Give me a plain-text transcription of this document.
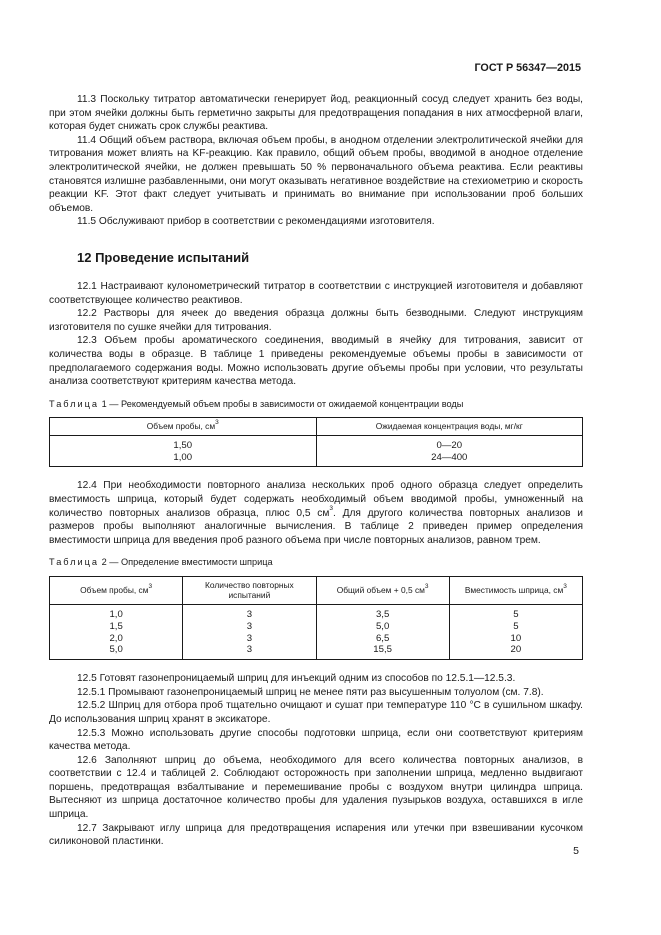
ГОСТ Р 56347—2015

11.3 Поскольку титратор автоматически генерирует йод, реакционный сосуд следует хранить без воды, при этом ячейки должны быть герметично закрыты для предотвращения попадания в них атмосферной влаги, которая будет снижать срок службы реактива.

11.4 Общий объем раствора, включая объем пробы, в анодном отделении электролитической ячейки для титрования может влиять на KF-реакцию. Как правило, общий объем пробы, вводимой в анодное отделение электролитической ячейки, не должен превышать 50 % первоначального объема реактива. Если реактивы становятся излишне разбавленными, они могут оказывать негативное воздействие на стехиометрию и скорость реакции KF. Этот факт следует учитывать и принимать во внимание при использовании проб больших объемов.

11.5 Обслуживают прибор в соответствии с рекомендациями изготовителя.

12 Проведение испытаний

12.1 Настраивают кулонометрический титратор в соответствии с инструкцией изготовителя и добавляют соответствующее количество реактивов.

12.2 Растворы для ячеек до введения образца должны быть безводными. Следуют инструкциям изготовителя по сушке ячейки для титрования.

12.3 Объем пробы ароматического соединения, вводимый в ячейку для титрования, зависит от количества воды в образце. В таблице 1 приведены рекомендуемые объемы пробы в зависимости от предполагаемого содержания воды. Можно использовать другие объемы пробы при условии, что результаты анализа соответствуют критериям качества метода.

Таблица 1 — Рекомендуемый объем пробы в зависимости от ожидаемой концентрации воды
Объем пробы, $см^3$	Ожидаемая концентрация воды, мг/кг
1,50	0—20
1,00	24—400

12.4 При необходимости повторного анализа нескольких проб одного образца следует определить вместимость шприца, который будет содержать необходимый объем вводимой пробы, умноженный на количество повторных анализов образца, плюс 0,5 $см^3$. Для другого количества повторных анализов и размеров пробы выполняют аналогичные вычисления. В таблице 2 приведен пример определения вместимости шприца для введения проб разного объема при числе повторных анализов, равном трем.

Таблица 2 — Определение вместимости шприца
Объем пробы, $см^3$	Количество повторных испытаний	Общий объем + 0,5 $см^3$	Вместимость шприца, $см^3$
1,0	3	3,5	5
1,5	3	5,0	5
2,0	3	6,5	10
5,0	3	15,5	20

12.5 Готовят газонепроницаемый шприц для инъекций одним из способов по 12.5.1—12.5.3.

12.5.1 Промывают газонепроницаемый шприц не менее пяти раз высушенным толуолом (см. 7.8).

12.5.2 Шприц для отбора проб тщательно очищают и сушат при температуре 110 °С в сушильном шкафу. До использования шприц хранят в эксикаторе.

12.5.3 Можно использовать другие способы подготовки шприца, если они соответствуют критериям качества метода.

12.6 Заполняют шприц до объема, необходимого для всего количества повторных анализов, в соответствии с 12.4 и таблицей 2. Соблюдают осторожность при заполнении шприца, медленно выдвигают поршень, предотвращая взбалтывание и перемешивание пробы с воздухом внутри цилиндра шприца. Вытесняют из шприца достаточное количество пробы для удаления пузырьков воздуха, оставшихся в игле шприца.

12.7 Закрывают иглу шприца для предотвращения испарения или утечки при взвешивании кусочком силиконовой пластинки.

5
